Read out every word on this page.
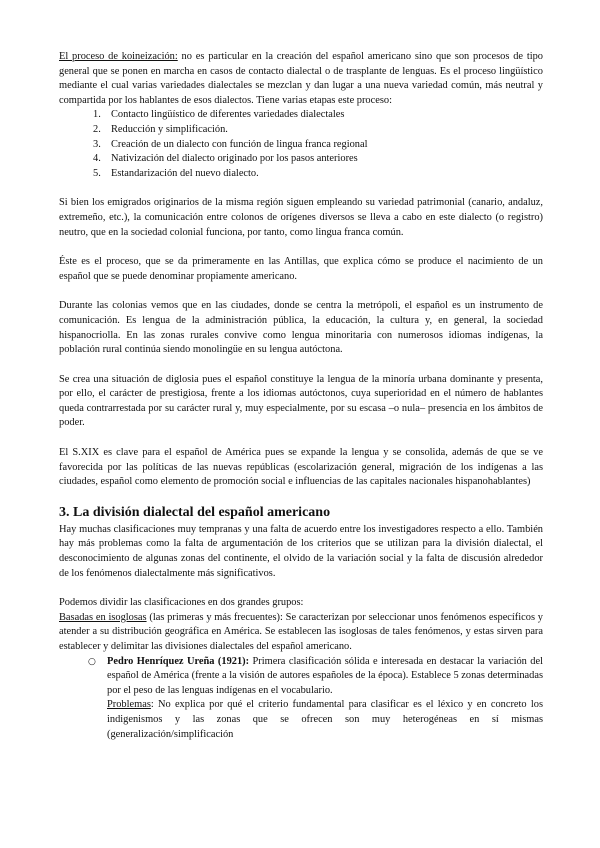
El proceso de koineización: no es particular en la creación del español americano sino que son procesos de tipo general que se ponen en marcha en casos de contacto dialectal o de trasplante de lenguas. Es el proceso lingüístico mediante el cual varias variedades dialectales se mezclan y dan lugar a una nueva variedad común, más neutral y compartida por los hablantes de esos dialectos. Tiene varias etapas este proceso:

1. Contacto lingüístico de diferentes variedades dialectales
2. Reducción y simplificación.
3. Creación de un dialecto con función de lingua franca regional
4. Nativización del dialecto originado por los pasos anteriores
5. Estandarización del nuevo dialecto.

Si bien los emigrados originarios de la misma región siguen empleando su variedad patrimonial (canario, andaluz, extremeño, etc.), la comunicación entre colonos de orígenes diversos se lleva a cabo en este dialecto (o registro) neutro, que en la sociedad colonial funciona, por tanto, como lingua franca común.

Éste es el proceso, que se da primeramente en las Antillas, que explica cómo se produce el nacimiento de un español que se puede denominar propiamente americano.

Durante las colonias vemos que en las ciudades, donde se centra la metrópoli, el español es un instrumento de comunicación. Es lengua de la administración pública, la educación, la cultura y, en general, la sociedad hispanocriolla. En las zonas rurales convive como lengua minoritaria con numerosos idiomas indígenas, la población rural continúa siendo monolingüe en su lengua autóctona.

Se crea una situación de diglosia pues el español constituye la lengua de la minoría urbana dominante y presenta, por ello, el carácter de prestigiosa, frente a los idiomas autóctonos, cuya superioridad en el número de hablantes queda contrarrestada por su carácter rural y, muy especialmente, por su escasa –o nula– presencia en los ámbitos de poder.

El S.XIX es clave para el español de América pues se expande la lengua y se consolida, además de que se ve favorecida por las políticas de las nuevas repúblicas (escolarización general, migración de los indígenas a las ciudades, español como elemento de promoción social e influencias de las capitales nacionales hispanohablantes)

3. La división dialectal del español americano

Hay muchas clasificaciones muy tempranas y una falta de acuerdo entre los investigadores respecto a ello. También hay más problemas como la falta de argumentación de los criterios que se utilizan para la división dialectal, el desconocimiento de algunas zonas del continente, el olvido de la variación social y la falta de discusión alrededor de los fenómenos dialectalmente más significativos.

Podemos dividir las clasificaciones en dos grandes grupos:

Basadas en isoglosas (las primeras y más frecuentes): Se caracterizan por seleccionar unos fenómenos específicos y atender a su distribución geográfica en América. Se establecen las isoglosas de tales fenómenos, y estas sirven para establecer y delimitar las divisiones dialectales del español americano.

○ Pedro Henríquez Ureña (1921): Primera clasificación sólida e interesada en destacar la variación del español de América (frente a la visión de autores españoles de la época). Establece 5 zonas determinadas por el peso de las lenguas indígenas en el vocabulario.

Problemas: No explica por qué el criterio fundamental para clasificar es el léxico y en concreto los indigenismos y las zonas que se ofrecen son muy heterogéneas en sí mismas (generalización/simplificación
